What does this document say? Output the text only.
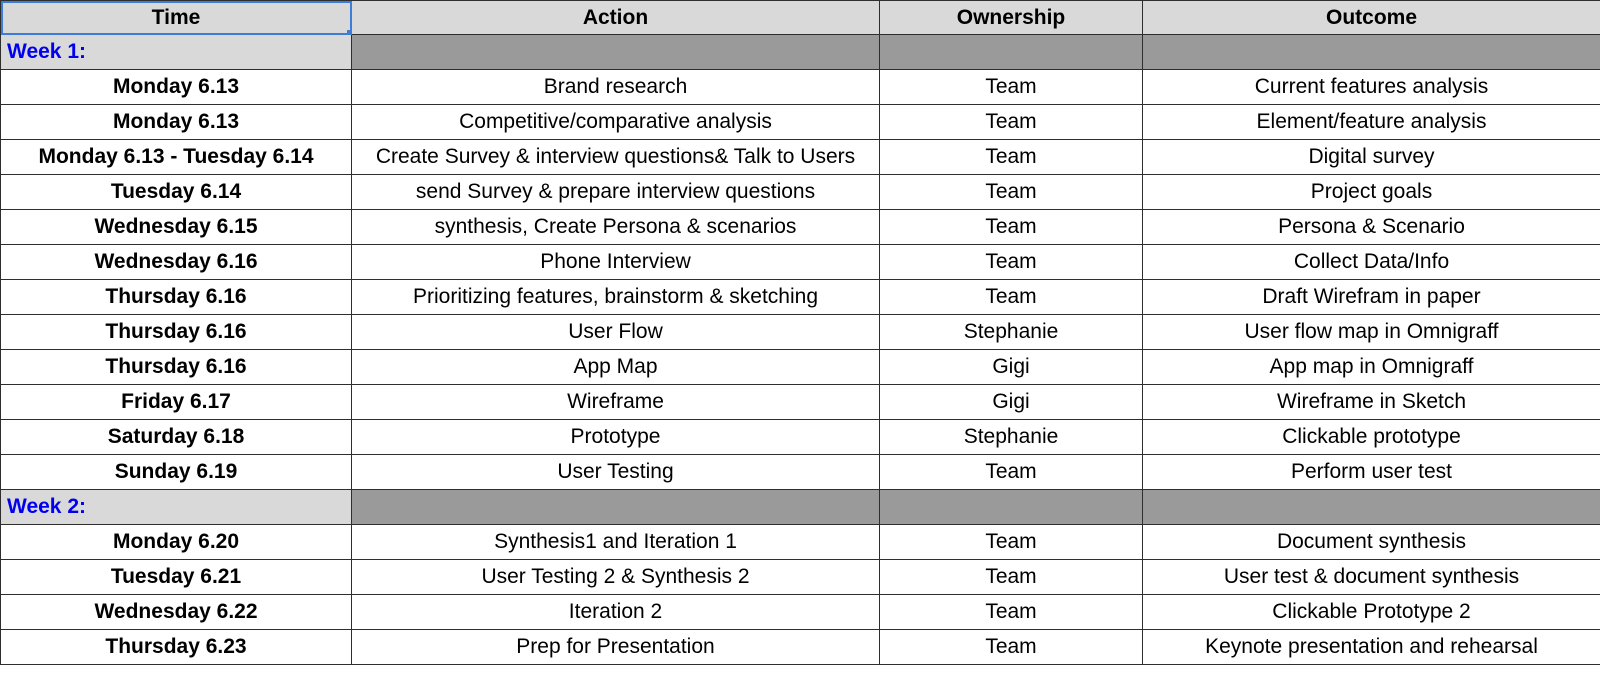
Time	Action	Ownership	Outcome
Week 1:			
Monday 6.13	Brand research	Team	Current features analysis
Monday 6.13	Competitive/comparative analysis	Team	Element/feature analysis
Monday 6.13 - Tuesday 6.14	Create Survey & interview questions& Talk to Users	Team	Digital survey
Tuesday 6.14	send Survey & prepare interview questions	Team	Project goals
Wednesday 6.15	synthesis, Create Persona & scenarios	Team	Persona & Scenario
Wednesday 6.16	Phone Interview	Team	Collect Data/Info
Thursday 6.16	Prioritizing features, brainstorm & sketching	Team	Draft Wirefram in paper
Thursday 6.16	User Flow	Stephanie	User flow map in Omnigraff
Thursday 6.16	App Map	Gigi	App map in Omnigraff
Friday 6.17	Wireframe	Gigi	Wireframe in Sketch
Saturday 6.18	Prototype	Stephanie	Clickable prototype
Sunday 6.19	User Testing	Team	Perform user test
Week 2:			
Monday 6.20	Synthesis1 and Iteration 1	Team	Document synthesis
Tuesday 6.21	User Testing 2 & Synthesis 2	Team	User test & document synthesis
Wednesday 6.22	Iteration 2	Team	Clickable Prototype 2
Thursday 6.23	Prep for Presentation	Team	Keynote presentation and rehearsal
